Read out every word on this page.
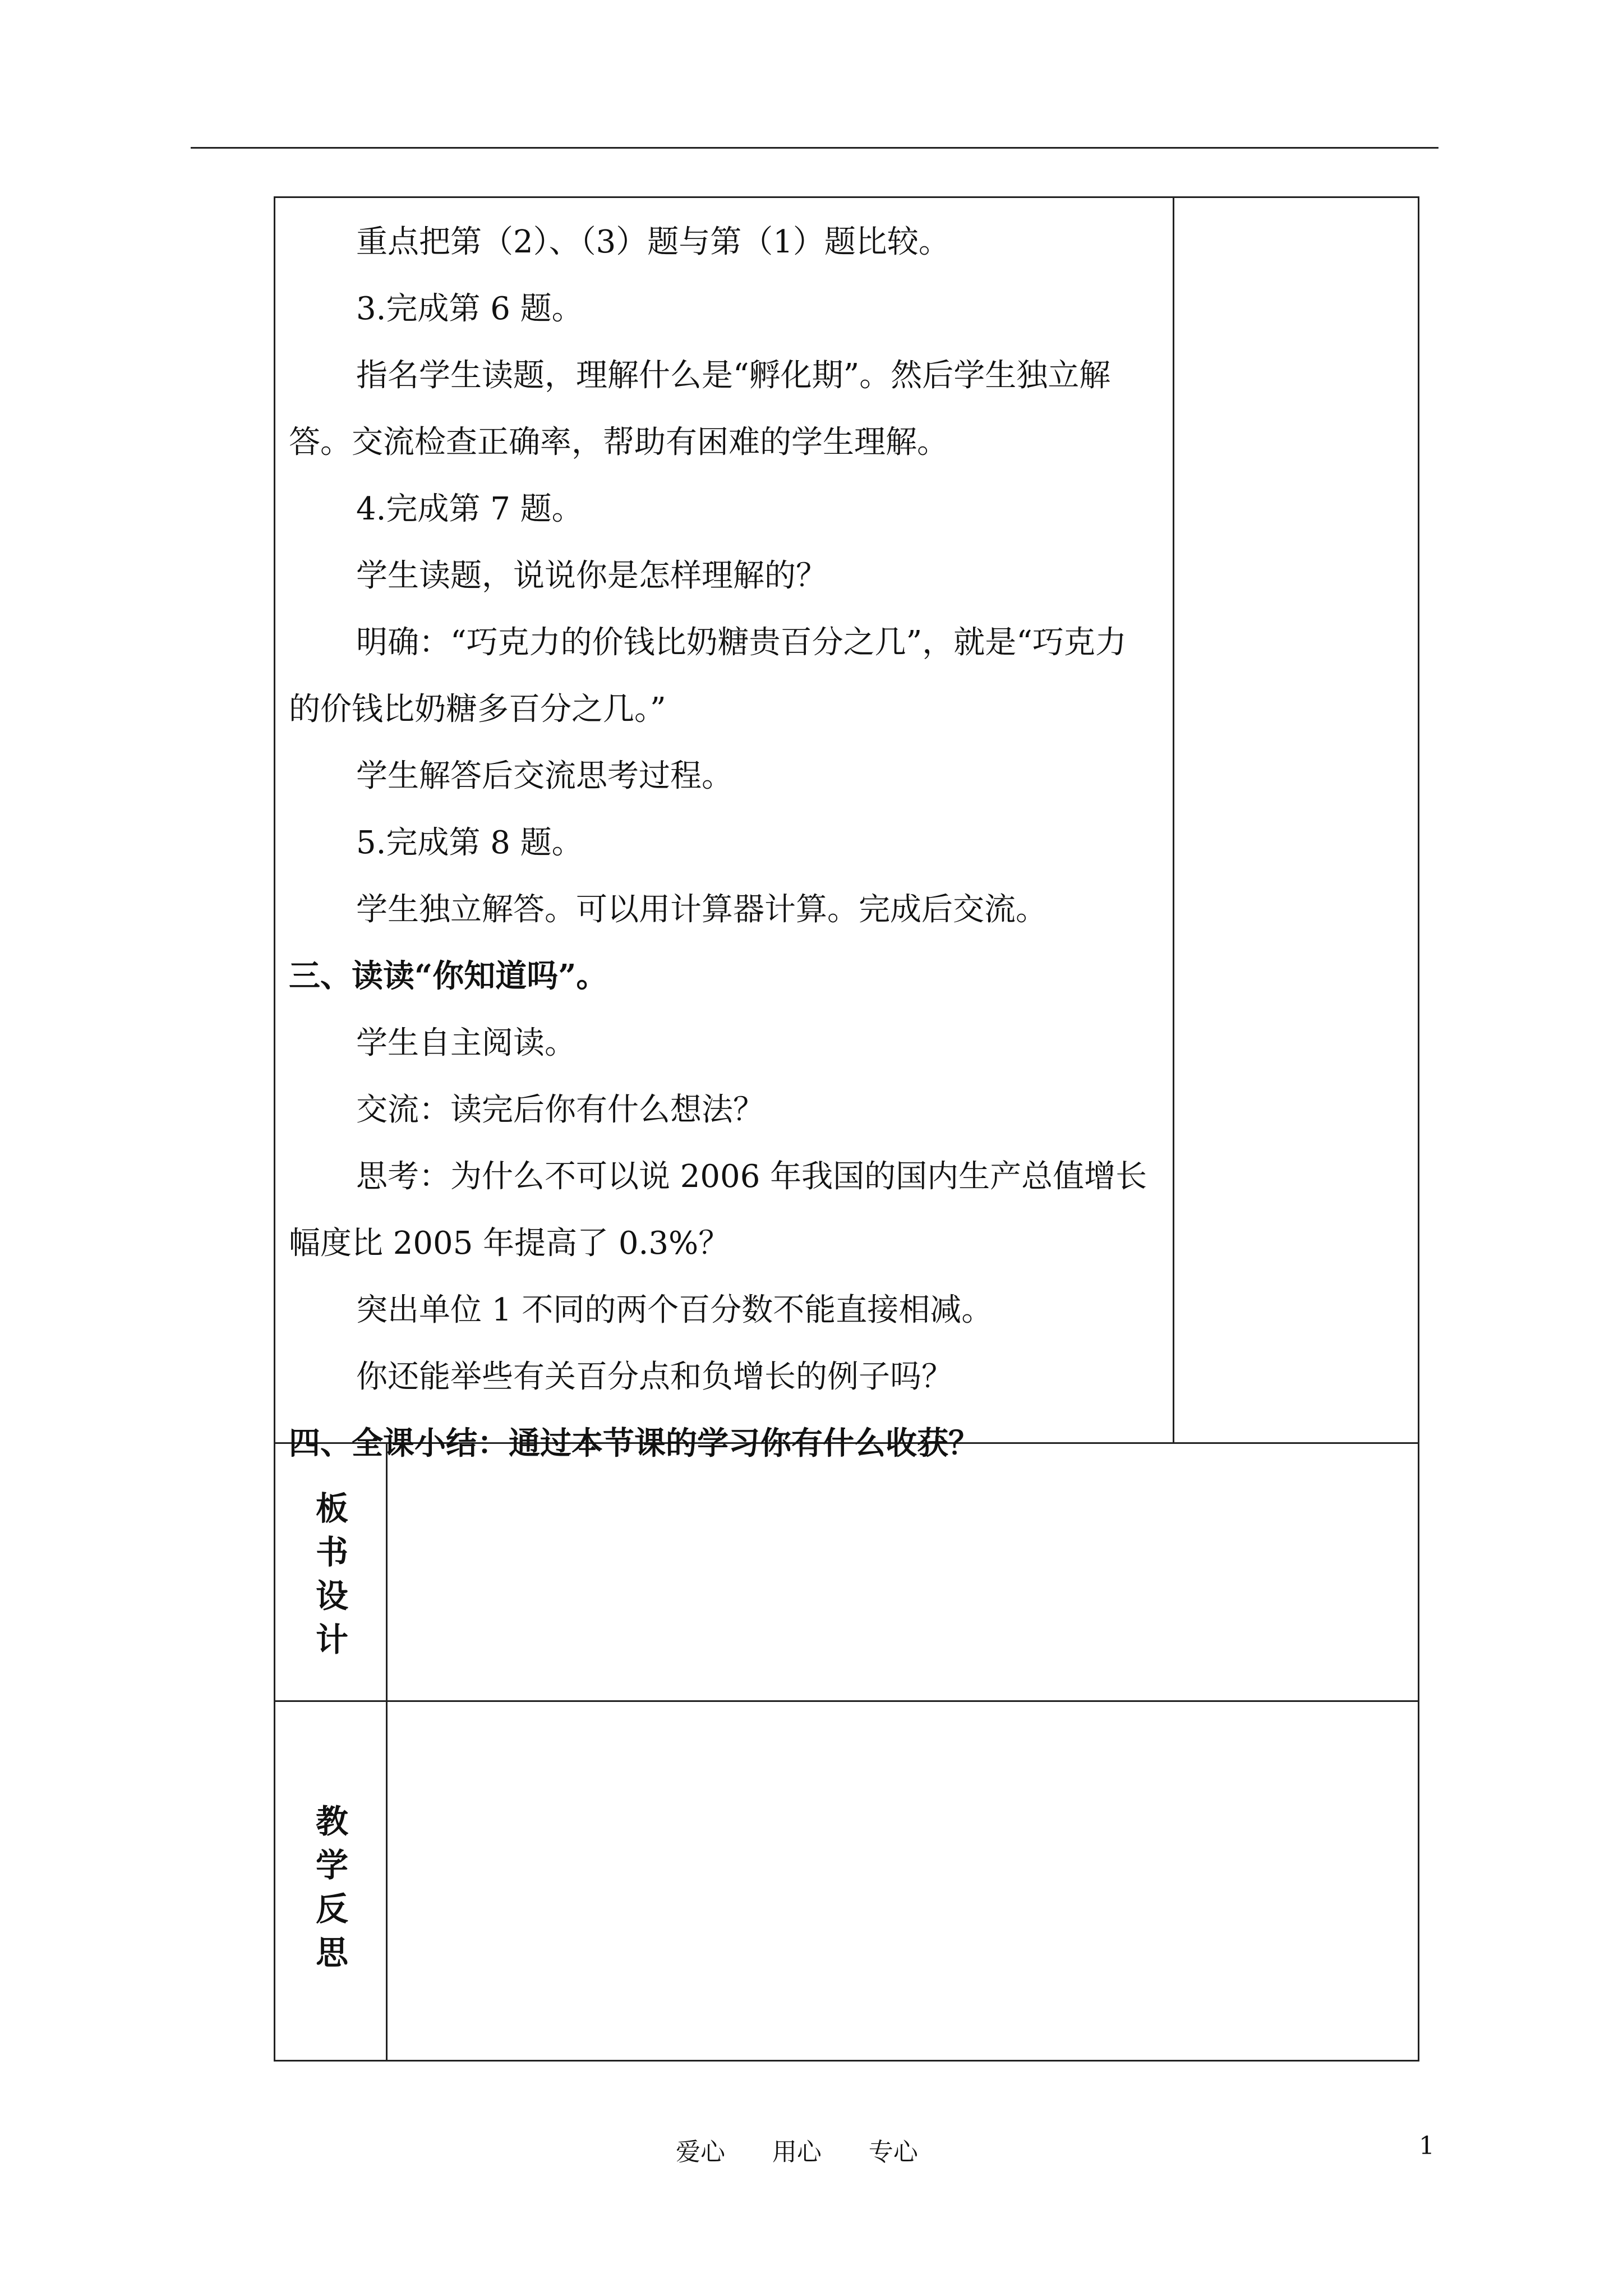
重点把第（2）、（3）题与第（1）题比较。
3.完成第 6 题。
指名学生读题，理解什么是“孵化期”。然后学生独立解
答。交流检查正确率，帮助有困难的学生理解。
4.完成第 7 题。
学生读题，说说你是怎样理解的？
明确：“巧克力的价钱比奶糖贵百分之几”，就是“巧克力
的价钱比奶糖多百分之几。”
学生解答后交流思考过程。
5.完成第 8 题。
学生独立解答。可以用计算器计算。完成后交流。
三、读读“你知道吗”。
学生自主阅读。
交流：读完后你有什么想法？
思考：为什么不可以说 2006 年我国的国内生产总值增长
幅度比 2005 年提高了 0.3%？
突出单位 1 不同的两个百分数不能直接相减。
你还能举些有关百分点和负增长的例子吗？
四、全课小结：通过本节课的学习你有什么收获？
板
书
设
计
教
学
反
思
爱心      用心      专心	1
